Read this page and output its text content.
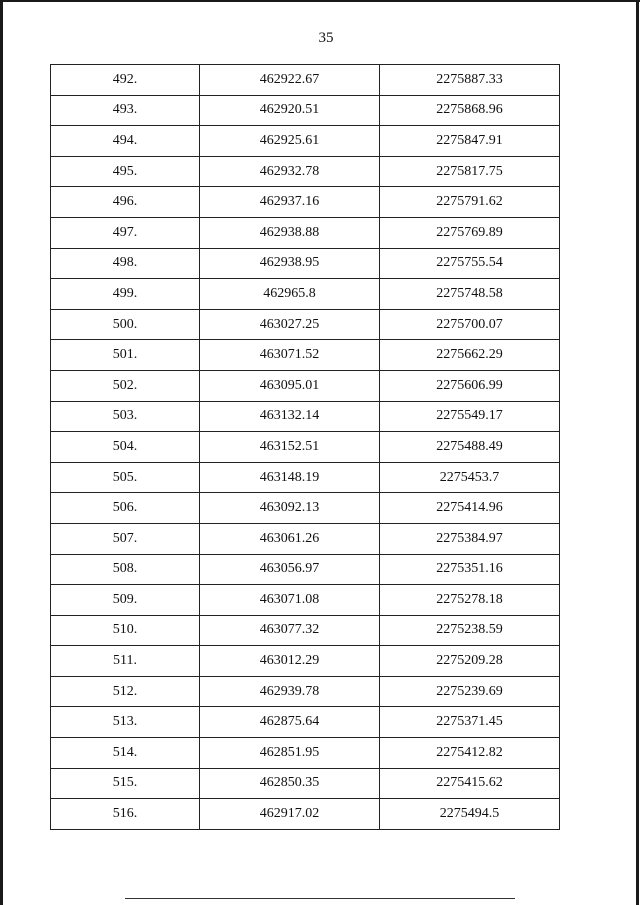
35
492.	462922.67	2275887.33
493.	462920.51	2275868.96
494.	462925.61	2275847.91
495.	462932.78	2275817.75
496.	462937.16	2275791.62
497.	462938.88	2275769.89
498.	462938.95	2275755.54
499.	462965.8	2275748.58
500.	463027.25	2275700.07
501.	463071.52	2275662.29
502.	463095.01	2275606.99
503.	463132.14	2275549.17
504.	463152.51	2275488.49
505.	463148.19	2275453.7
506.	463092.13	2275414.96
507.	463061.26	2275384.97
508.	463056.97	2275351.16
509.	463071.08	2275278.18
510.	463077.32	2275238.59
511.	463012.29	2275209.28
512.	462939.78	2275239.69
513.	462875.64	2275371.45
514.	462851.95	2275412.82
515.	462850.35	2275415.62
516.	462917.02	2275494.5
